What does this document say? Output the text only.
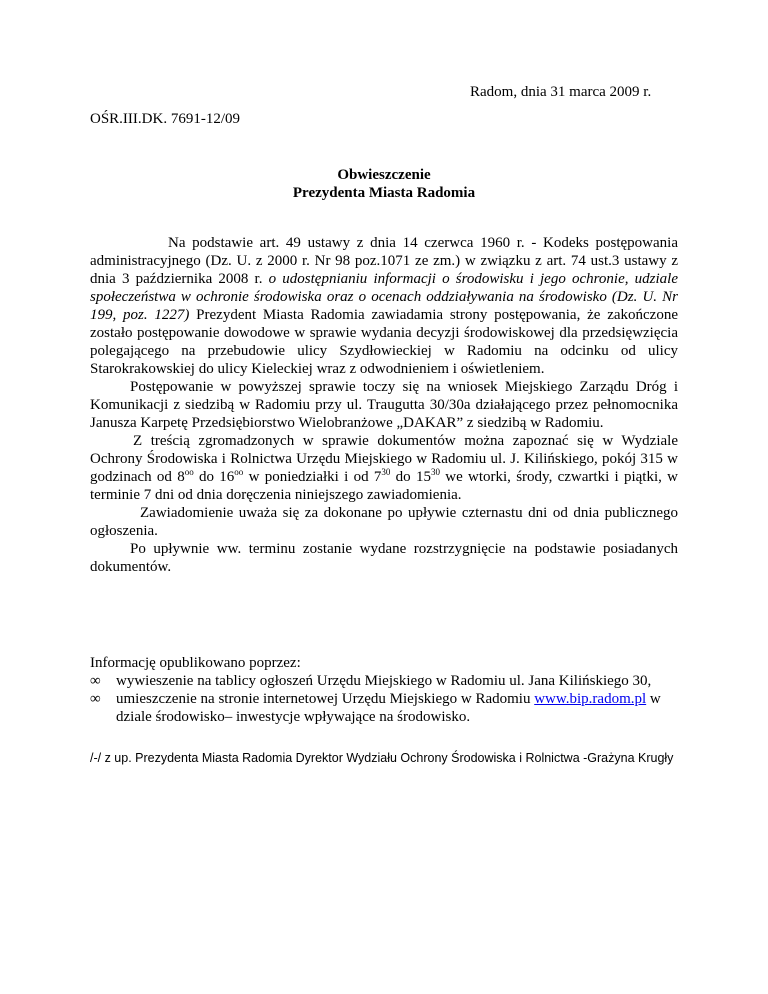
Radom, dnia 31 marca 2009 r.
OŚR.III.DK. 7691-12/09
Obwieszczenie
Prezydenta Miasta Radomia

Na podstawie art. 49 ustawy z dnia 14 czerwca 1960 r. - Kodeks postępowania administracyjnego (Dz. U. z 2000 r. Nr 98 poz.1071 ze zm.) w związku z art. 74 ust.3 ustawy z dnia 3 października 2008 r. o udostępnianiu informacji o środowisku i jego ochronie, udziale społeczeństwa w ochronie środowiska oraz o ocenach oddziaływania na środowisko (Dz. U. Nr 199, poz. 1227) Prezydent Miasta Radomia zawiadamia strony postępowania, że zakończone zostało postępowanie dowodowe w sprawie wydania decyzji środowiskowej dla przedsięwzięcia polegającego na przebudowie ulicy Szydłowieckiej w Radomiu na odcinku od ulicy Starokrakowskiej do ulicy Kieleckiej wraz z odwodnieniem i oświetleniem.

Postępowanie w powyższej sprawie toczy się na wniosek Miejskiego Zarządu Dróg i Komunikacji z siedzibą w Radomiu przy ul. Traugutta 30/30a działającego przez pełnomocnika Janusza Karpetę Przedsiębiorstwo Wielobranżowe „DAKAR” z siedzibą w Radomiu.

Z treścią zgromadzonych w sprawie dokumentów można zapoznać się w Wydziale Ochrony Środowiska i Rolnictwa Urzędu Miejskiego w Radomiu ul. J. Kilińskiego, pokój 315 w godzinach od $8^{oo}$ do $16^{oo}$ w poniedziałki i od $7^{30}$ do $15^{30}$ we wtorki, środy, czwartki i piątki, w terminie 7 dni od dnia doręczenia niniejszego zawiadomienia.

Zawiadomienie uważa się za dokonane po upływie czternastu dni od dnia publicznego ogłoszenia.

Po upływnie ww. terminu zostanie wydane rozstrzygnięcie na podstawie posiadanych dokumentów.

Informację opublikowano poprzez:
∞	wywieszenie na tablicy ogłoszeń Urzędu Miejskiego w Radomiu ul. Jana Kilińskiego 30,
∞	umieszczenie na stronie internetowej Urzędu Miejskiego w Radomiu www.bip.radom.pl w dziale środowisko– inwestycje wpływające na środowisko.
/-/ z up. Prezydenta Miasta Radomia Dyrektor Wydziału Ochrony Środowiska i Rolnictwa -Grażyna Krugły
